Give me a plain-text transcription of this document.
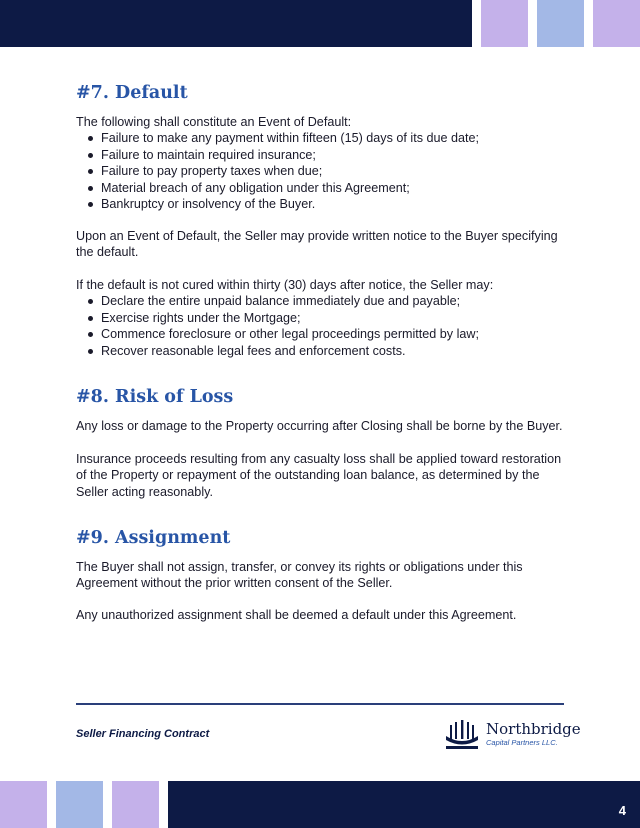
#7. Default
The following shall constitute an Event of Default:
Failure to make any payment within fifteen (15) days of its due date;
Failure to maintain required insurance;
Failure to pay property taxes when due;
Material breach of any obligation under this Agreement;
Bankruptcy or insolvency of the Buyer.

Upon an Event of Default, the Seller may provide written notice to the Buyer specifying the default.

If the default is not cured within thirty (30) days after notice, the Seller may:
Declare the entire unpaid balance immediately due and payable;
Exercise rights under the Mortgage;
Commence foreclosure or other legal proceedings permitted by law;
Recover reasonable legal fees and enforcement costs.
#8. Risk of Loss

Any loss or damage to the Property occurring after Closing shall be borne by the Buyer.

Insurance proceeds resulting from any casualty loss shall be applied toward restoration of the Property or repayment of the outstanding loan balance, as determined by the Seller acting reasonably.

#9. Assignment

The Buyer shall not assign, transfer, or convey its rights or obligations under this Agreement without the prior written consent of the Seller.

Any unauthorized assignment shall be deemed a default under this Agreement.

Seller Financing Contract	Northbridge
Capital Partners LLC.
4
